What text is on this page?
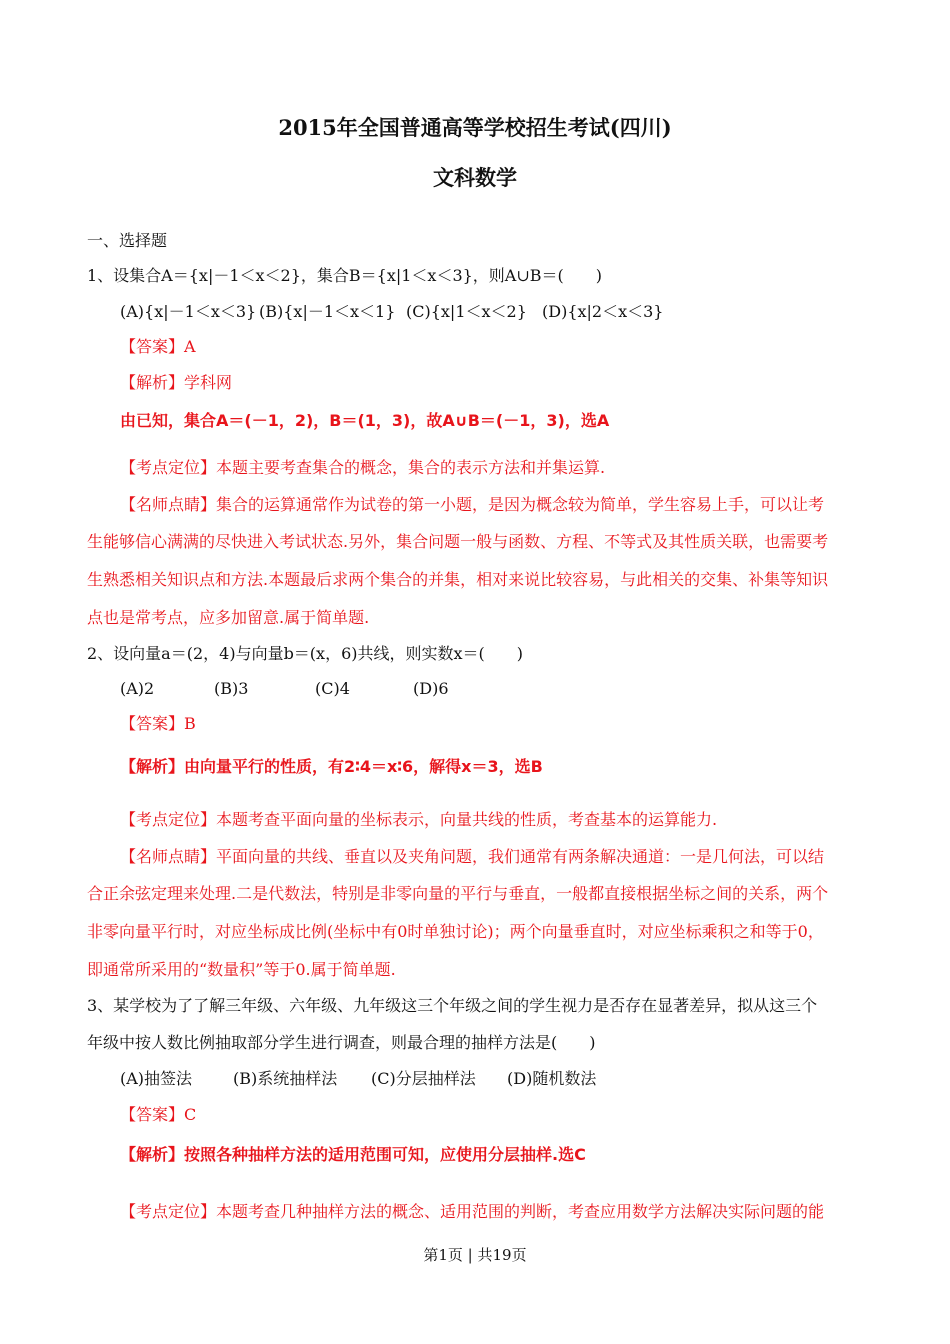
2015年全国普通高等学校招生考试(四川)
文科数学
一、选择题
1、设集合A＝{x|－1＜x＜2}，集合B＝{x|1＜x＜3}，则A∪B＝(　　)
(A){x|－1＜x＜3} (B){x|－1＜x＜1} (C){x|1＜x＜2} (D){x|2＜x＜3}
【答案】A
【解析】学科网
由已知，集合A＝(－1，2)，B＝(1，3)，故A∪B＝(－1，3)，选A
【考点定位】本题主要考查集合的概念，集合的表示方法和并集运算.
【名师点睛】集合的运算通常作为试卷的第一小题，是因为概念较为简单，学生容易上手，可以让考
生能够信心满满的尽快进入考试状态.另外，集合问题一般与函数、方程、不等式及其性质关联，也需要考
生熟悉相关知识点和方法.本题最后求两个集合的并集，相对来说比较容易，与此相关的交集、补集等知识
点也是常考点，应多加留意.属于简单题.
2、设向量a＝(2，4)与向量b＝(x，6)共线，则实数x＝(　　)
(A)2	(B)3	(C)4	(D)6
【答案】B
【解析】由向量平行的性质，有2∶4＝x∶6，解得x＝3，选B
【考点定位】本题考查平面向量的坐标表示，向量共线的性质，考查基本的运算能力.
【名师点睛】平面向量的共线、垂直以及夹角问题，我们通常有两条解决通道：一是几何法，可以结
合正余弦定理来处理.二是代数法，特别是非零向量的平行与垂直，一般都直接根据坐标之间的关系，两个
非零向量平行时，对应坐标成比例(坐标中有0时单独讨论)；两个向量垂直时，对应坐标乘积之和等于0，
即通常所采用的“数量积”等于0.属于简单题.
3、某学校为了了解三年级、六年级、九年级这三个年级之间的学生视力是否存在显著差异，拟从这三个
年级中按人数比例抽取部分学生进行调查，则最合理的抽样方法是(　　)
(A)抽签法	(B)系统抽样法 (C)分层抽样法 (D)随机数法
【答案】C
【解析】按照各种抽样方法的适用范围可知，应使用分层抽样.选C
【考点定位】本题考查几种抽样方法的概念、适用范围的判断，考查应用数学方法解决实际问题的能
第1页 | 共19页
